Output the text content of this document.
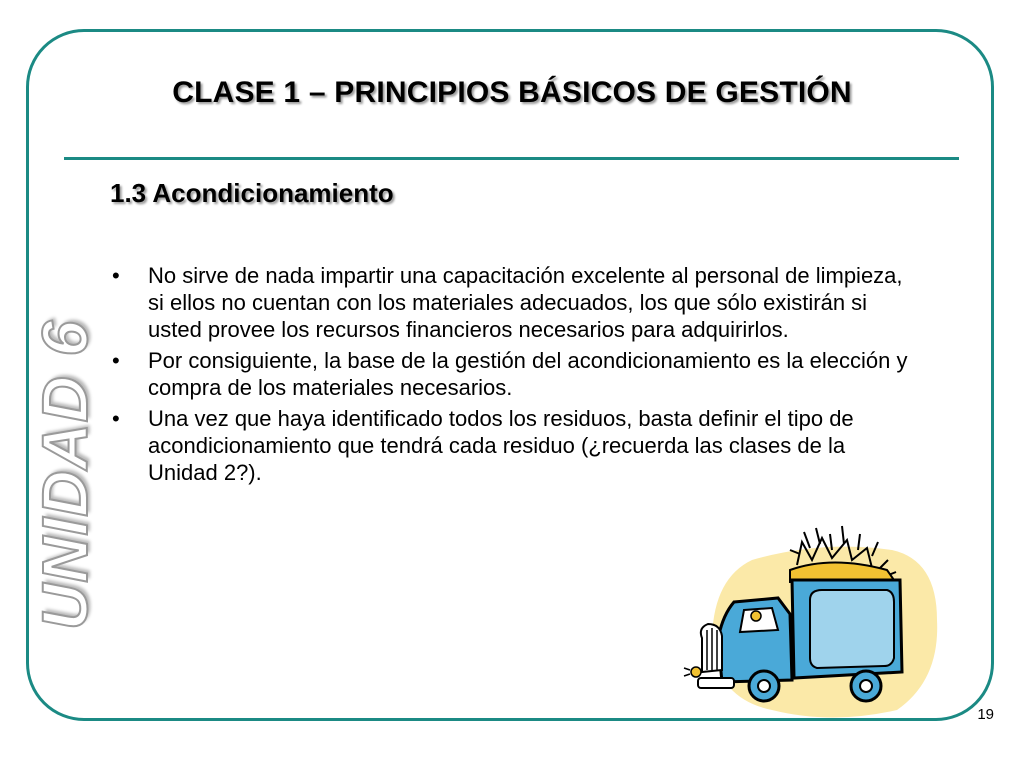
CLASE 1 – PRINCIPIOS BÁSICOS DE GESTIÓN
UNIDAD 6
1.3 Acondicionamiento
• No sirve de nada impartir una capacitación excelente al personal de limpieza, si ellos no cuentan con los materiales adecuados, los que sólo existirán si usted provee los recursos financieros necesarios para adquirirlos.
• Por consiguiente, la base de la gestión del acondicionamiento es la elección y compra de los materiales necesarios.
• Una vez que haya identificado todos los residuos, basta definir el tipo de acondicionamiento que tendrá cada residuo (¿recuerda las clases de la Unidad 2?).
19
